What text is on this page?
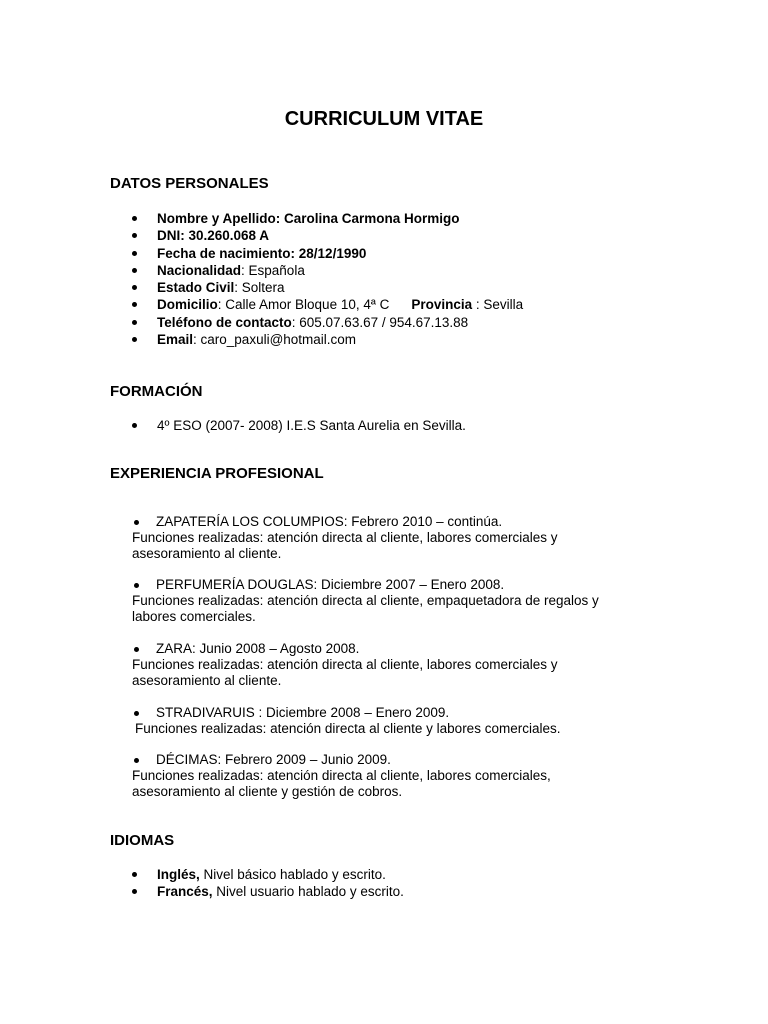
CURRICULUM VITAE
DATOS PERSONALES
Nombre y Apellido: Carolina Carmona Hormigo
DNI: 30.260.068 A
Fecha de nacimiento: 28/12/1990
Nacionalidad: Española
Estado Civil: Soltera
Domicilio: Calle Amor Bloque 10, 4ª C Provincia : Sevilla
Teléfono de contacto: 605.07.63.67 / 954.67.13.88
Email: caro_paxuli@hotmail.com
FORMACIÓN
4º ESO (2007- 2008) I.E.S Santa Aurelia en Sevilla.
EXPERIENCIA PROFESIONAL
ZAPATERÍA LOS COLUMPIOS: Febrero 2010 – continúa.
Funciones realizadas: atención directa al cliente, labores comerciales y asesoramiento al cliente.
PERFUMERÍA DOUGLAS: Diciembre 2007 – Enero 2008.
Funciones realizadas: atención directa al cliente, empaquetadora de regalos y labores comerciales.
ZARA: Junio 2008 – Agosto 2008.
Funciones realizadas: atención directa al cliente, labores comerciales y asesoramiento al cliente.
STRADIVARUIS : Diciembre 2008 – Enero 2009.
Funciones realizadas: atención directa al cliente y labores comerciales.
DÉCIMAS: Febrero 2009 – Junio 2009.
Funciones realizadas: atención directa al cliente, labores comerciales, asesoramiento al cliente y gestión de cobros.
IDIOMAS
Inglés, Nivel básico hablado y escrito.
Francés, Nivel usuario hablado y escrito.
